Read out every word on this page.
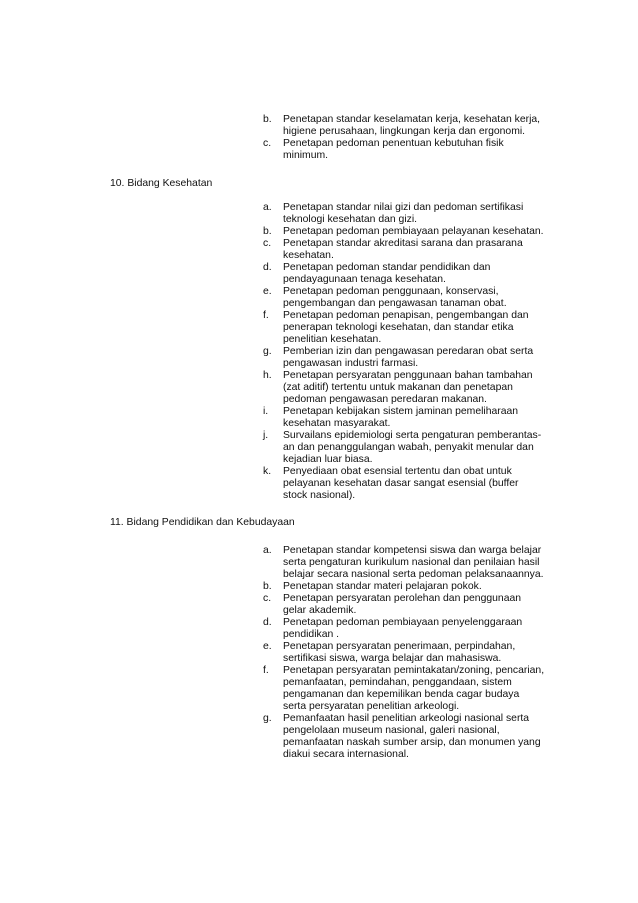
b.	Penetapan standar keselamatan kerja, kesehatan kerja,
higiene perusahaan, lingkungan kerja dan ergonomi.
c.	Penetapan pedoman penentuan kebutuhan fisik
minimum.
10. Bidang Kesehatan
a.	Penetapan standar nilai gizi dan pedoman sertifikasi
teknologi kesehatan dan gizi.
b.	Penetapan pedoman pembiayaan pelayanan kesehatan.
c.	Penetapan standar akreditasi sarana dan prasarana
kesehatan.
d.	Penetapan pedoman standar pendidikan dan
pendayagunaan tenaga kesehatan.
e.	Penetapan pedoman penggunaan, konservasi,
pengembangan dan pengawasan tanaman obat.
f.	Penetapan pedoman penapisan, pengembangan dan
penerapan teknologi kesehatan, dan standar etika
penelitian kesehatan.
g.	Pemberian izin dan pengawasan peredaran obat serta
pengawasan industri farmasi.
h.	Penetapan persyaratan penggunaan bahan tambahan
(zat aditif) tertentu untuk makanan dan penetapan
pedoman pengawasan peredaran makanan.
i.	Penetapan kebijakan sistem jaminan pemeliharaan
kesehatan masyarakat.
j.	Survailans epidemiologi serta pengaturan pemberantas-
an dan penanggulangan wabah, penyakit menular dan
kejadian luar biasa.
k.	Penyediaan obat esensial tertentu dan obat untuk
pelayanan kesehatan dasar sangat esensial (buffer
stock nasional).
11. Bidang Pendidikan dan Kebudayaan
a.	Penetapan standar kompetensi siswa dan warga belajar
serta pengaturan kurikulum nasional dan penilaian hasil
belajar secara nasional serta pedoman pelaksanaannya.
b.	Penetapan standar materi pelajaran pokok.
c.	Penetapan persyaratan perolehan dan penggunaan
gelar akademik.
d.	Penetapan pedoman pembiayaan penyelenggaraan
pendidikan .
e.	Penetapan persyaratan penerimaan, perpindahan,
sertifikasi siswa, warga belajar dan mahasiswa.
f.	Penetapan persyaratan pemintakatan/zoning, pencarian,
pemanfaatan, pemindahan, penggandaan, sistem
pengamanan dan kepemilikan benda cagar budaya
serta persyaratan penelitian arkeologi.
g.	Pemanfaatan hasil penelitian arkeologi nasional serta
pengelolaan museum nasional, galeri nasional,
pemanfaatan naskah sumber arsip, dan monumen yang
diakui secara internasional.
